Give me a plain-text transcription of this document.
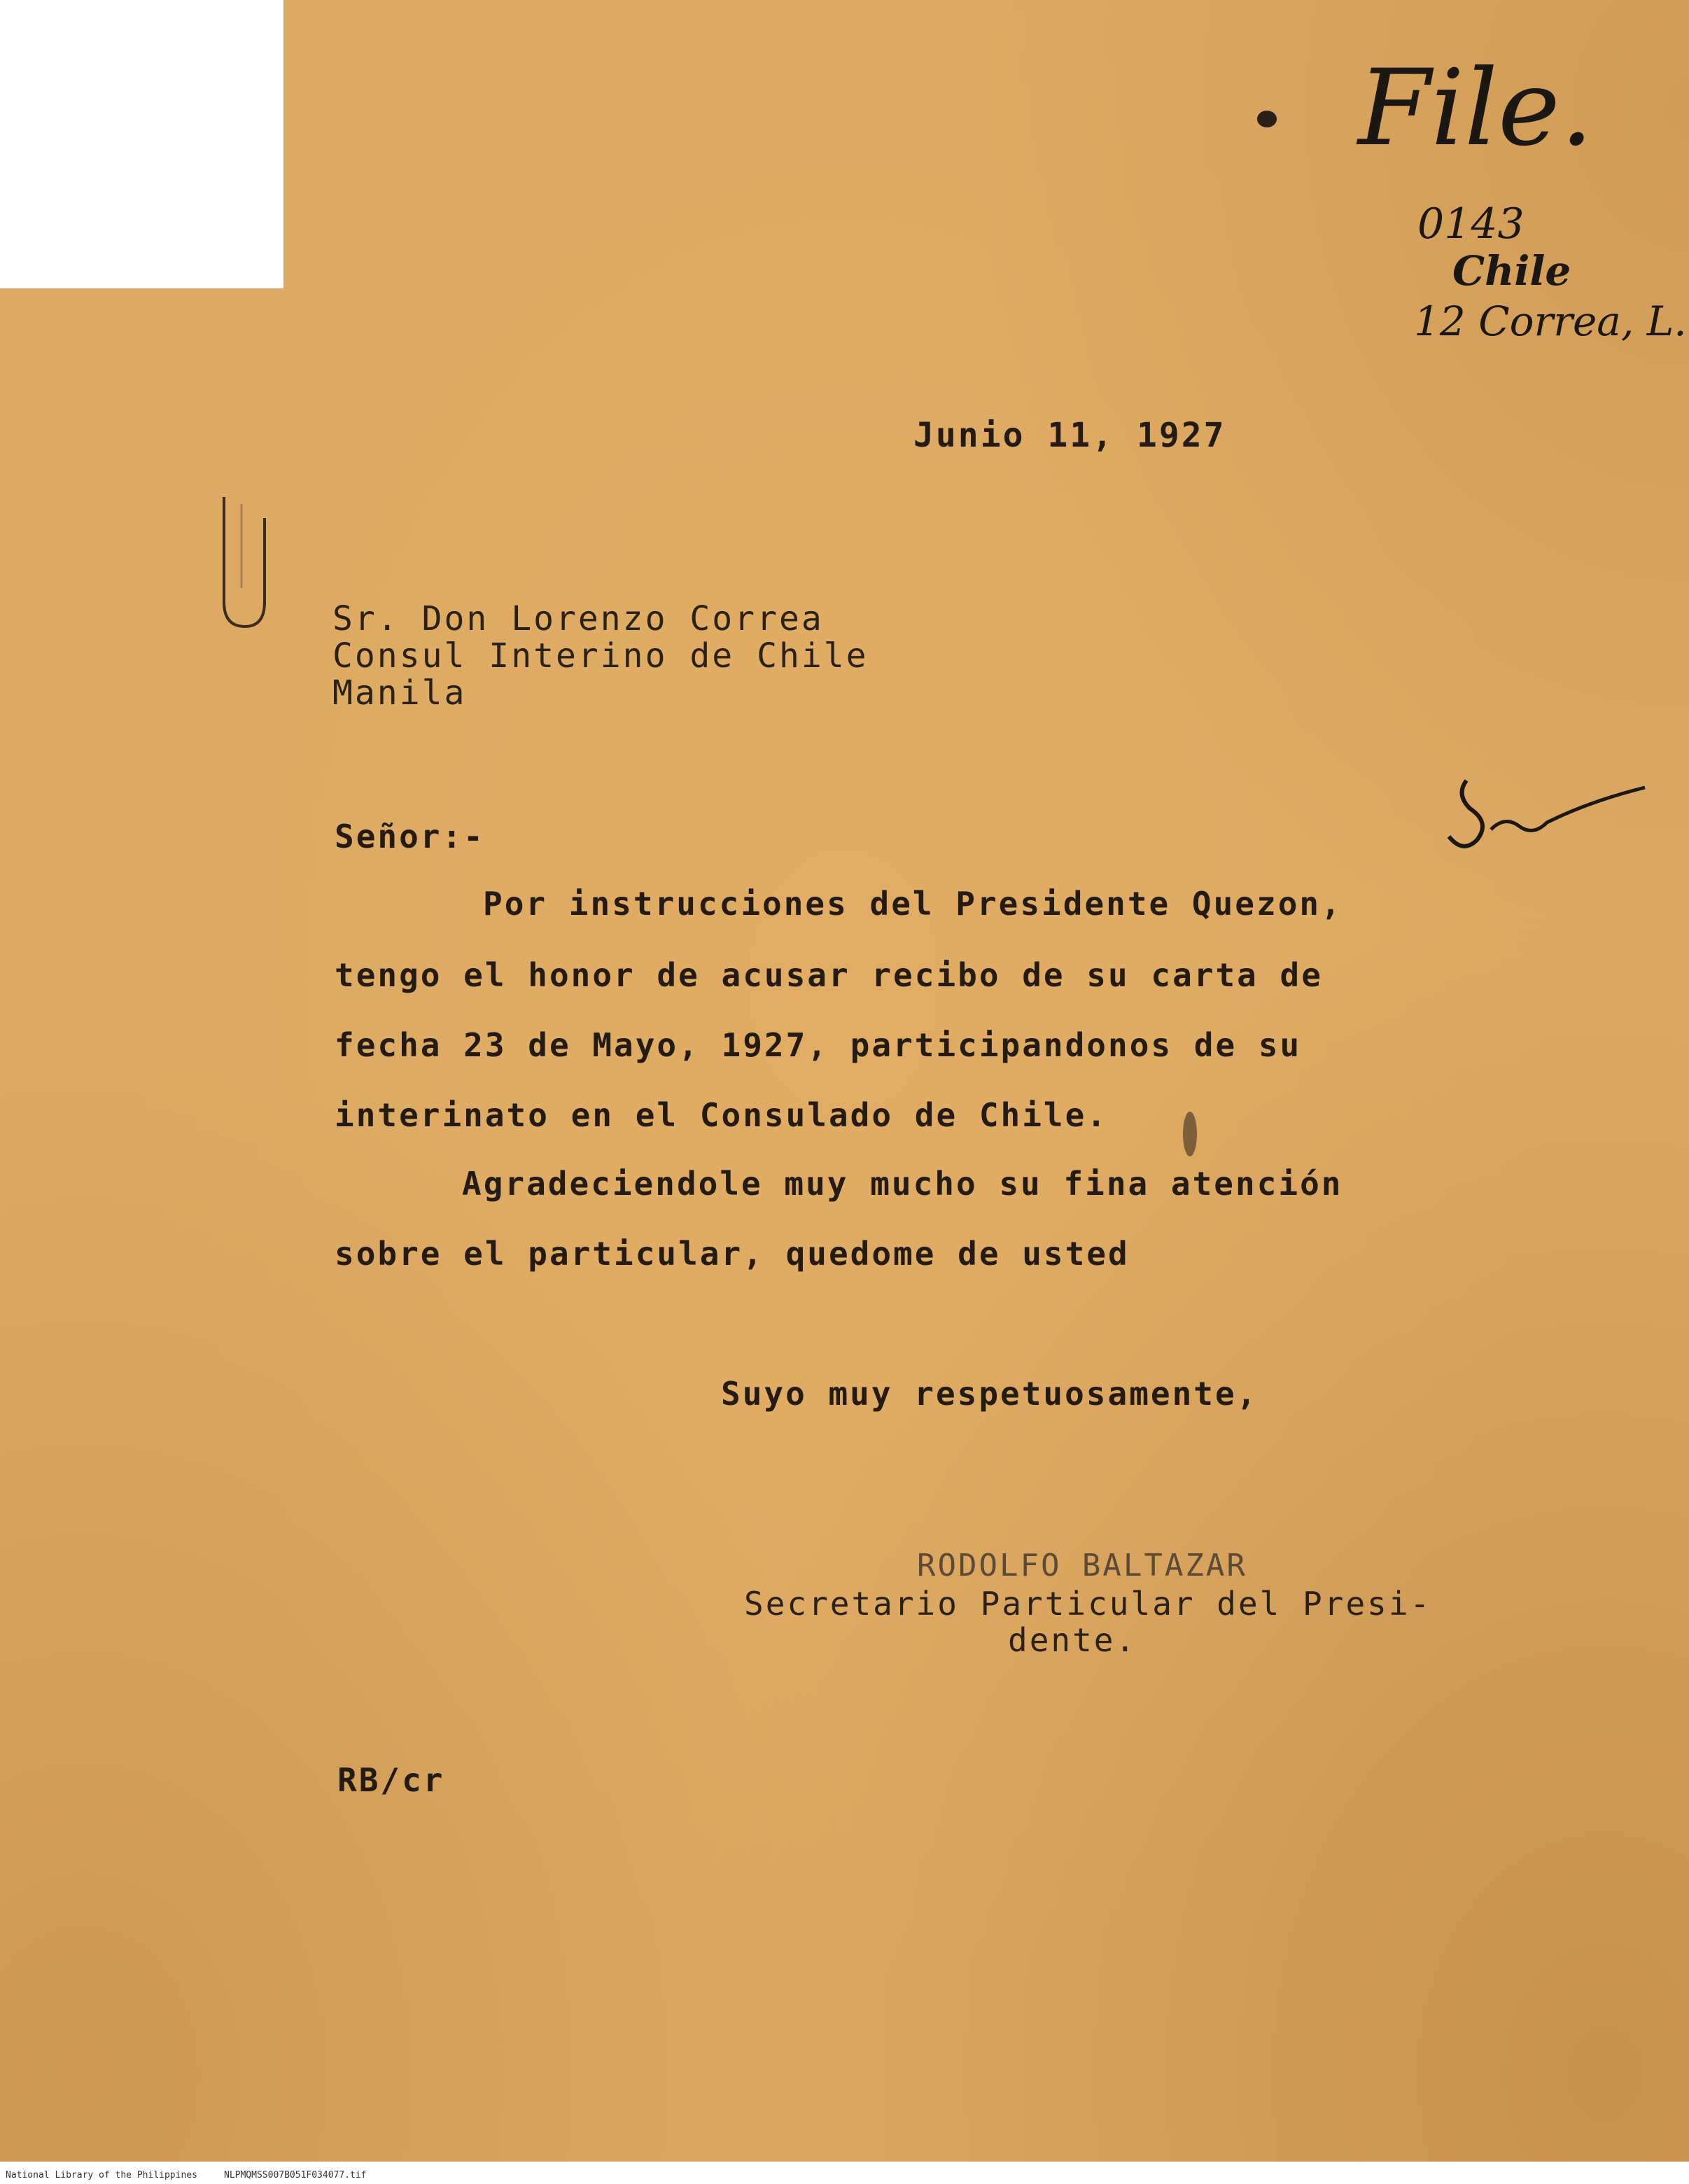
File.
0143
Chile
12 Correa, L.
Junio 11, 1927
Sr. Don Lorenzo Correa
Consul Interino de Chile
Manila
Señor:-
Por instrucciones del Presidente Quezon,
tengo el honor de acusar recibo de su carta de
fecha 23 de Mayo, 1927, participandonos de su
interinato en el Consulado de Chile.
Agradeciendole muy mucho su fina atención
sobre el particular, quedome de usted
Suyo muy respetuosamente,
RODOLFO BALTAZAR
Secretario Particular del Presi-
dente.
RB/cr
National Library of the Philippines	NLPMQMSS007B051F034077.tif
